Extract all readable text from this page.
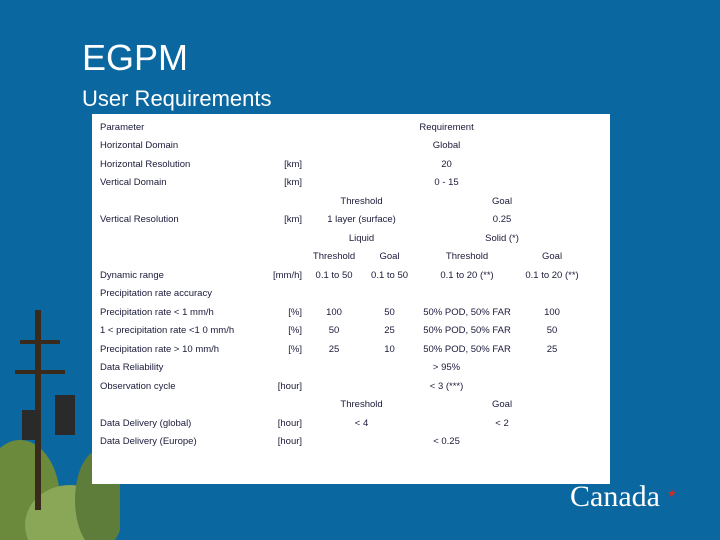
EGPM
User Requirements
Parameter		Requirement			
Horizontal Domain		Global			
Horizontal Resolution	[km]	20			
Vertical Domain	[km]	0 - 15			
		Threshold		Goal	
Vertical Resolution	[km]	1 layer (surface)		0.25	
		Liquid		Solid (*)	
		Threshold	Goal	Threshold	Goal
Dynamic range	[mm/h]	0.1 to 50	0.1 to 50	0.1 to 20 (**)	0.1 to 20 (**)
Precipitation rate accuracy					
Precipitation rate < 1 mm/h	[%]	100	50	50% POD, 50% FAR	100
1 < precipitation rate <1 0 mm/h	[%]	50	25	50% POD, 50% FAR	50
Precipitation rate > 10 mm/h	[%]	25	10	50% POD, 50% FAR	25
Data Reliability		> 95%			
Observation cycle	[hour]	< 3 (***)			
		Threshold		Goal	
Data Delivery (global)	[hour]	< 4		< 2	
Data Delivery (Europe)	[hour]	< 0.25			
Canada
